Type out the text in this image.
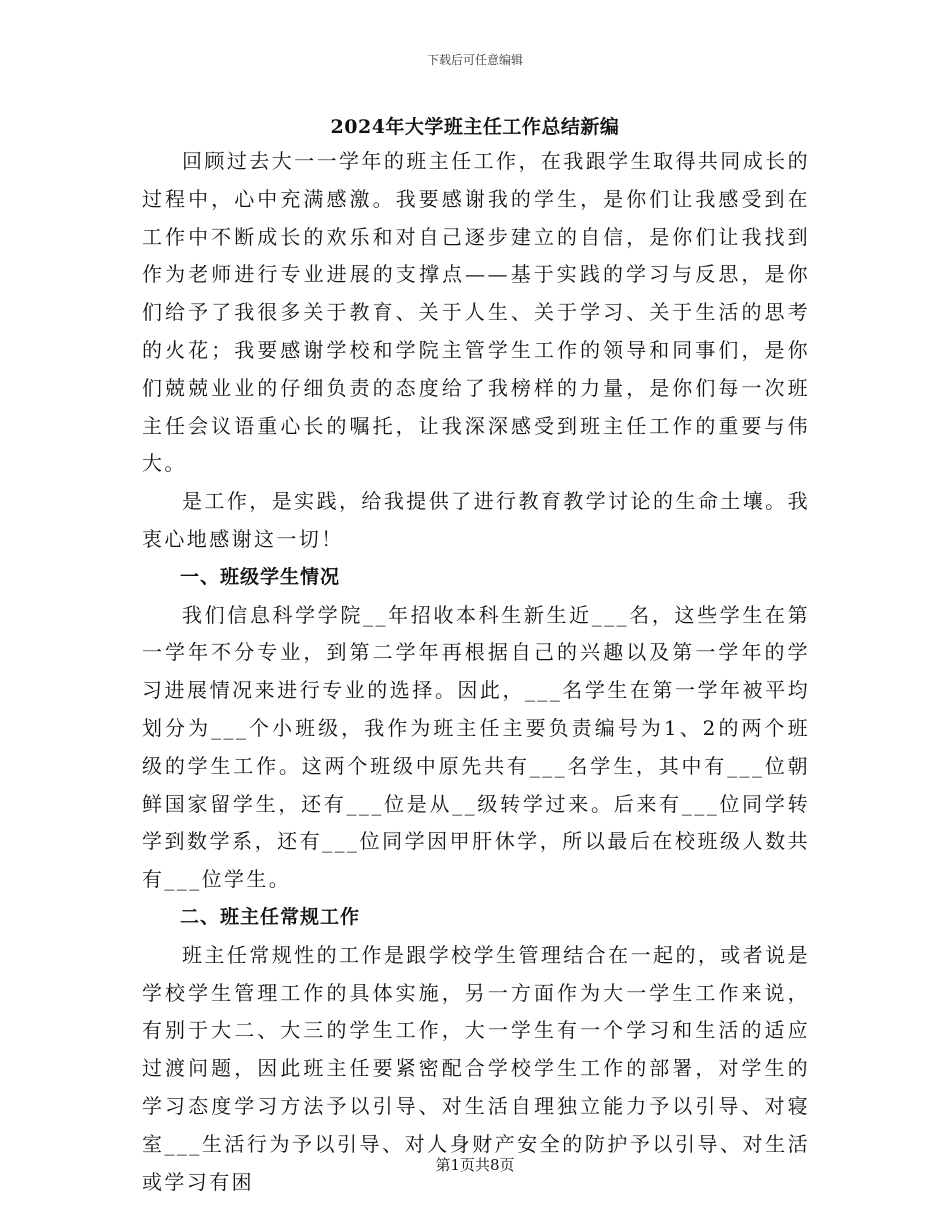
下载后可任意编辑
2024年大学班主任工作总结新编

回顾过去大一一学年的班主任工作，在我跟学生取得共同成长的过程中，心中充满感激。我要感谢我的学生，是你们让我感受到在工作中不断成长的欢乐和对自己逐步建立的自信，是你们让我找到作为老师进行专业进展的支撑点——基于实践的学习与反思，是你们给予了我很多关于教育、关于人生、关于学习、关于生活的思考的火花；我要感谢学校和学院主管学生工作的领导和同事们，是你们兢兢业业的仔细负责的态度给了我榜样的力量，是你们每一次班主任会议语重心长的嘱托，让我深深感受到班主任工作的重要与伟大。

是工作，是实践，给我提供了进行教育教学讨论的生命土壤。我衷心地感谢这一切！

一、班级学生情况

我们信息科学学院__年招收本科生新生近___名，这些学生在第一学年不分专业，到第二学年再根据自己的兴趣以及第一学年的学习进展情况来进行专业的选择。因此，___名学生在第一学年被平均划分为___个小班级，我作为班主任主要负责编号为1、2的两个班级的学生工作。这两个班级中原先共有___名学生，其中有___位朝鲜国家留学生，还有___位是从__级转学过来。后来有___位同学转学到数学系，还有___位同学因甲肝休学，所以最后在校班级人数共有___位学生。

二、班主任常规工作

班主任常规性的工作是跟学校学生管理结合在一起的，或者说是学校学生管理工作的具体实施，另一方面作为大一学生工作来说，有别于大二、大三的学生工作，大一学生有一个学习和生活的适应过渡问题，因此班主任要紧密配合学校学生工作的部署，对学生的学习态度学习方法予以引导、对生活自理独立能力予以引导、对寝室___生活行为予以引导、对人身财产安全的防护予以引导、对生活或学习有困

第1页共8页
